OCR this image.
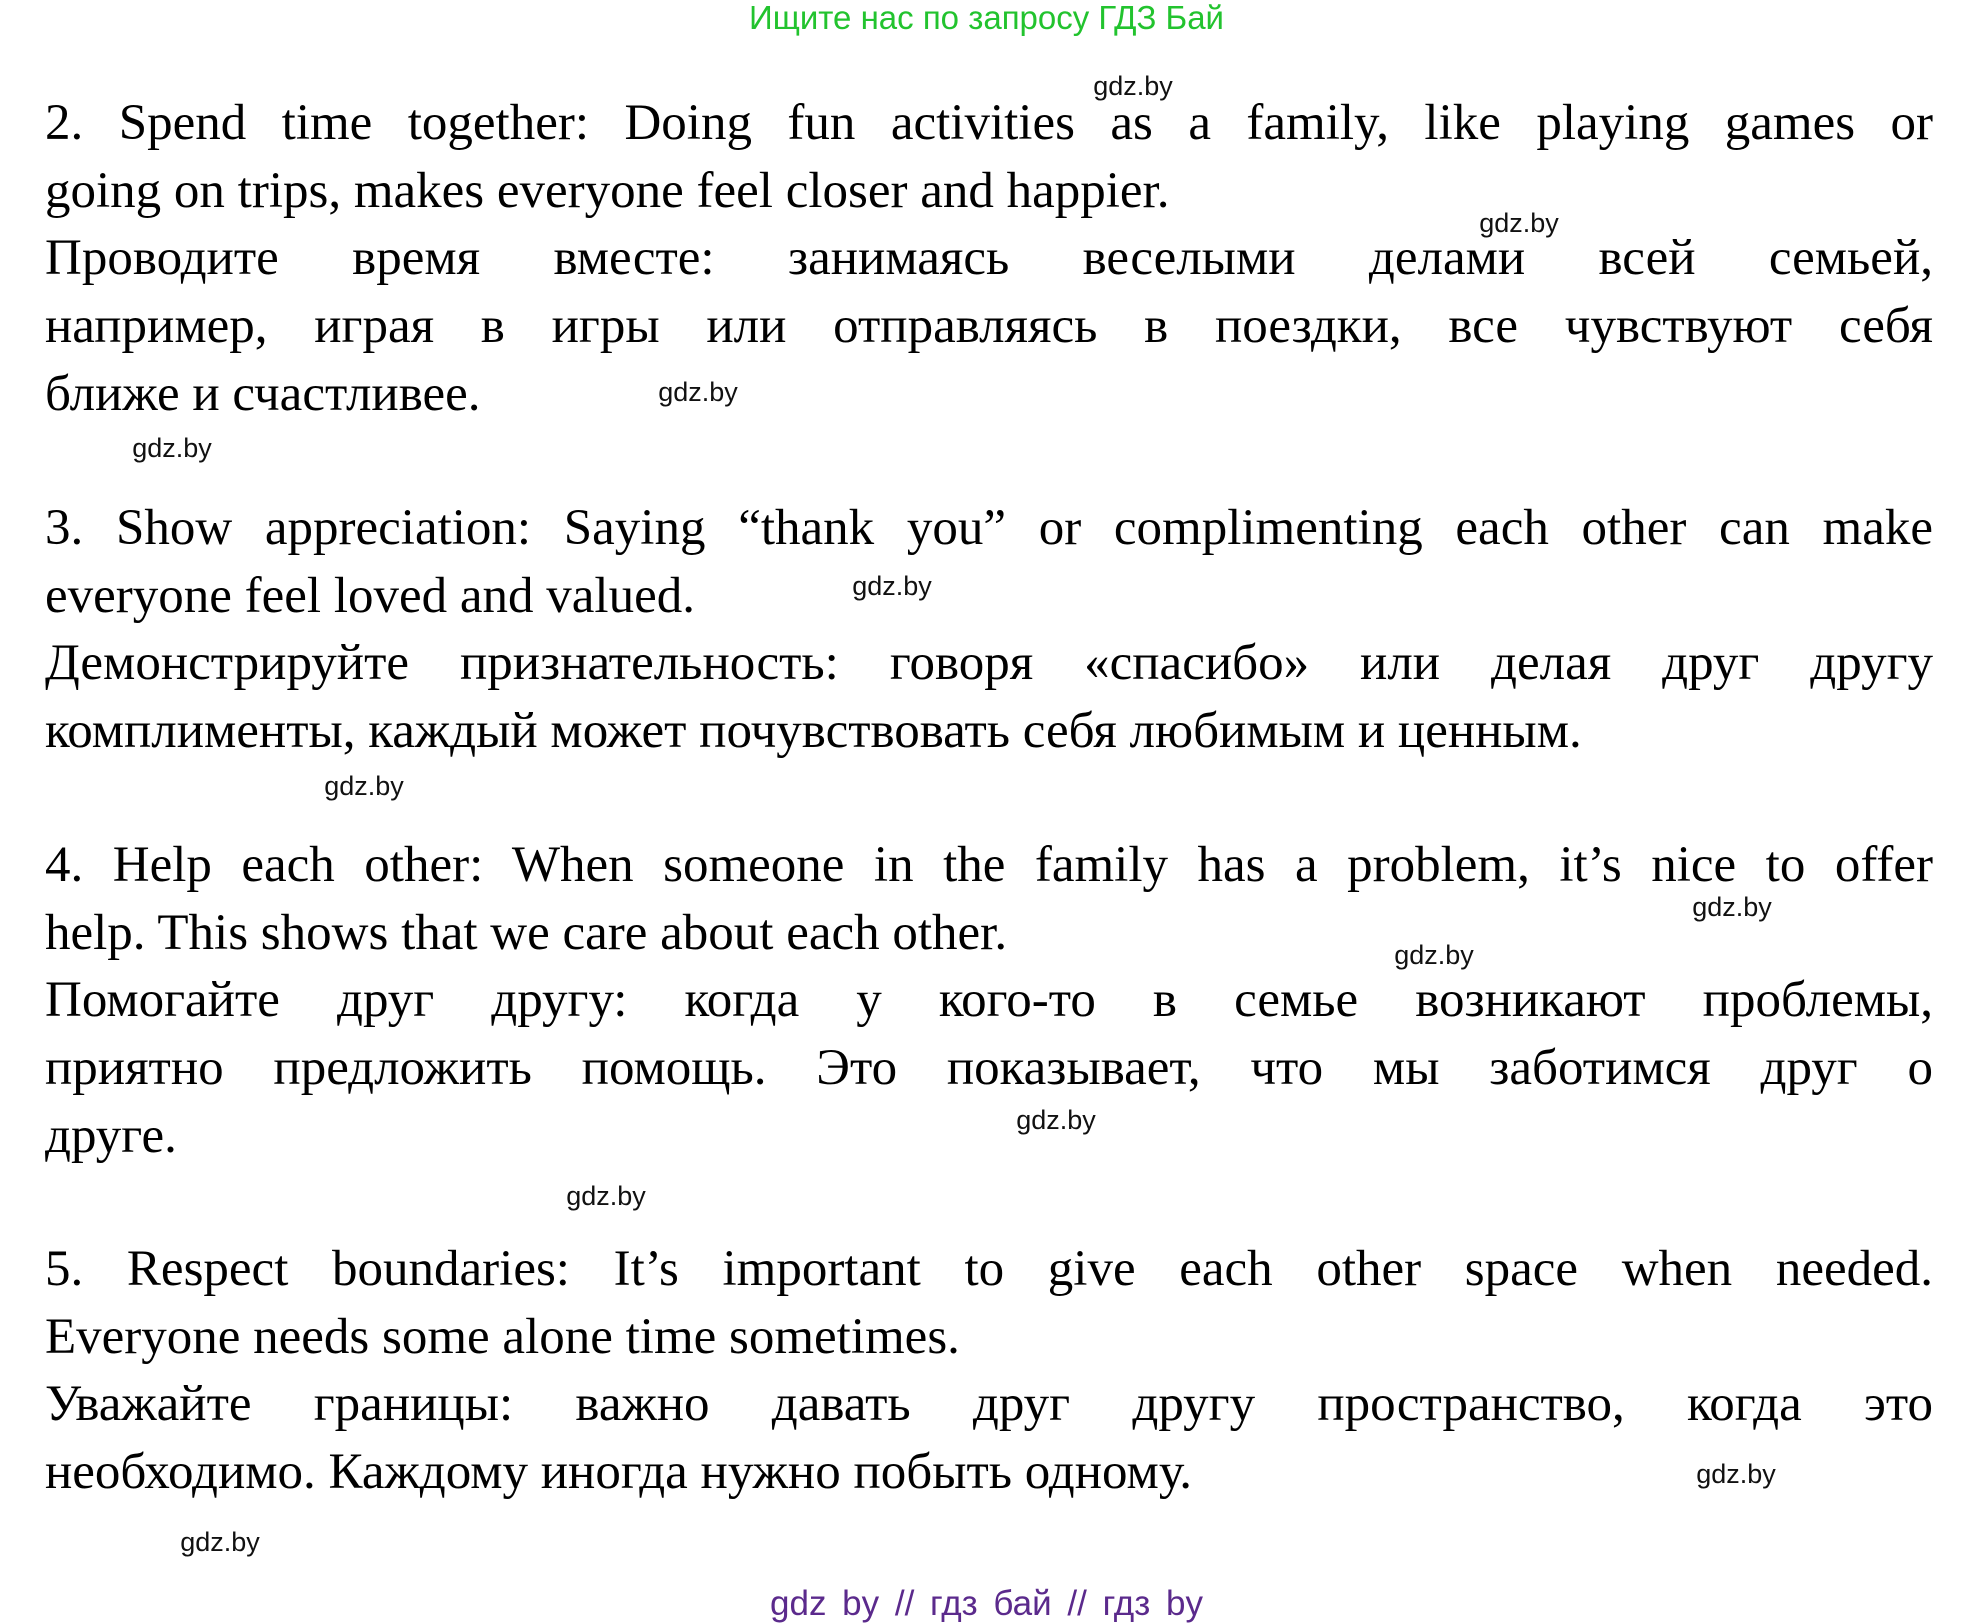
Ищите нас по запросу ГДЗ Бай
2. Spend time together: Doing fun activities as a family, like playing games or
going on trips, makes everyone feel closer and happier.
Проводите время вместе: занимаясь веселыми делами всей семьей,
например, играя в игры или отправляясь в поездки, все чувствуют себя
ближе и счастливее.
3. Show appreciation: Saying “thank you” or complimenting each other can make
everyone feel loved and valued.
Демонстрируйте признательность: говоря «спасибо» или делая друг другу
комплименты, каждый может почувствовать себя любимым и ценным.
4. Help each other: When someone in the family has a problem, it’s nice to offer
help. This shows that we care about each other.
Помогайте друг другу: когда у кого-то в семье возникают проблемы,
приятно предложить помощь. Это показывает, что мы заботимся друг о
друге.
5. Respect boundaries: It’s important to give each other space when needed.
Everyone needs some alone time sometimes.
Уважайте границы: важно давать друг другу пространство, когда это
необходимо. Каждому иногда нужно побыть одному.
gdz.by
gdz.by
gdz.by
gdz.by
gdz.by
gdz.by
gdz.by
gdz.by
gdz.by
gdz.by
gdz.by
gdz.by
gdz by // гдз бай // гдз by
